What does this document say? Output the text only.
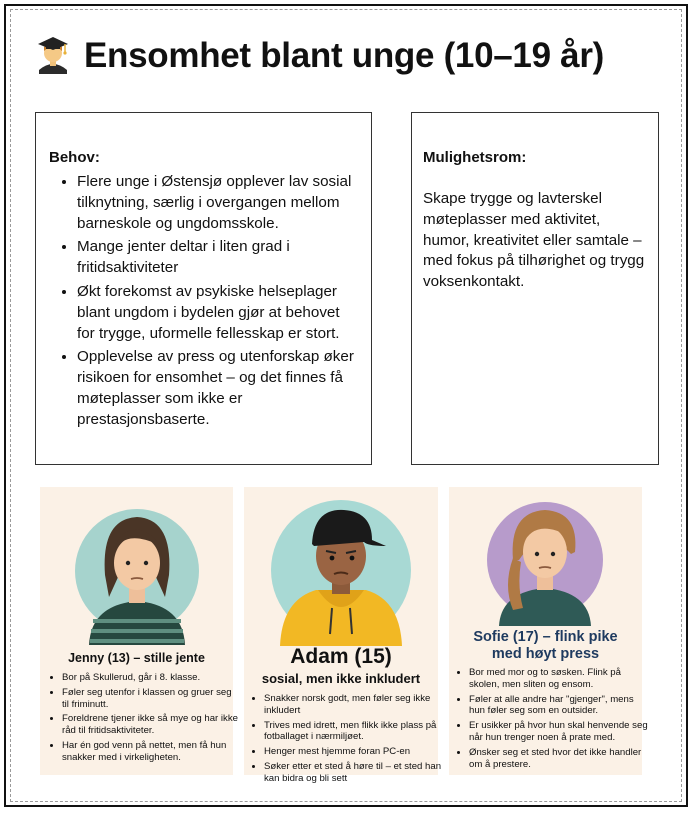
Ensomhet blant unge (10–19 år)
Behov:
• Flere unge i Østensjø opplever lav sosial tilknytning, særlig i overgangen mellom barneskole og ungdomsskole.
• Mange jenter deltar i liten grad i fritidsaktiviteter
• Økt forekomst av psykiske helseplager blant ungdom i bydelen gjør at behovet for trygge, uformelle fellesskap er stort.
• Opplevelse av press og utenforskap øker risikoen for ensomhet – og det finnes få møteplasser som ikke er prestasjonsbaserte.
Mulighetsrom:

Skape trygge og lavterskel møteplasser med aktivitet, humor, kreativitet eller samtale – med fokus på tilhørighet og trygg voksenkontakt.

Jenny (13) – stille jente
• Bor på Skullerud, går i 8. klasse.
• Føler seg utenfor i klassen og gruer seg til friminutt.
• Foreldrene tjener ikke så mye og har ikke råd til fritidsaktiviteter.
• Har én god venn på nettet, men få hun snakker med i virkeligheten.
Adam (15)
sosial, men ikke inkludert
• Snakker norsk godt, men føler seg ikke inkludert
• Trives med idrett, men flikk ikke plass på fotballaget i nærmiljøet.
• Henger mest hjemme foran PC-en
• Søker etter et sted å høre til – et sted han kan bidra og bli sett
Sofie (17) – flink pike med høyt press
• Bor med mor og to søsken. Flink på skolen, men sliten og ensom.
• Føler at alle andre har "gjenger", mens hun føler seg som en outsider.
• Er usikker på hvor hun skal henvende seg når hun trenger noen å prate med.
• Ønsker seg et sted hvor det ikke handler om å prestere.
